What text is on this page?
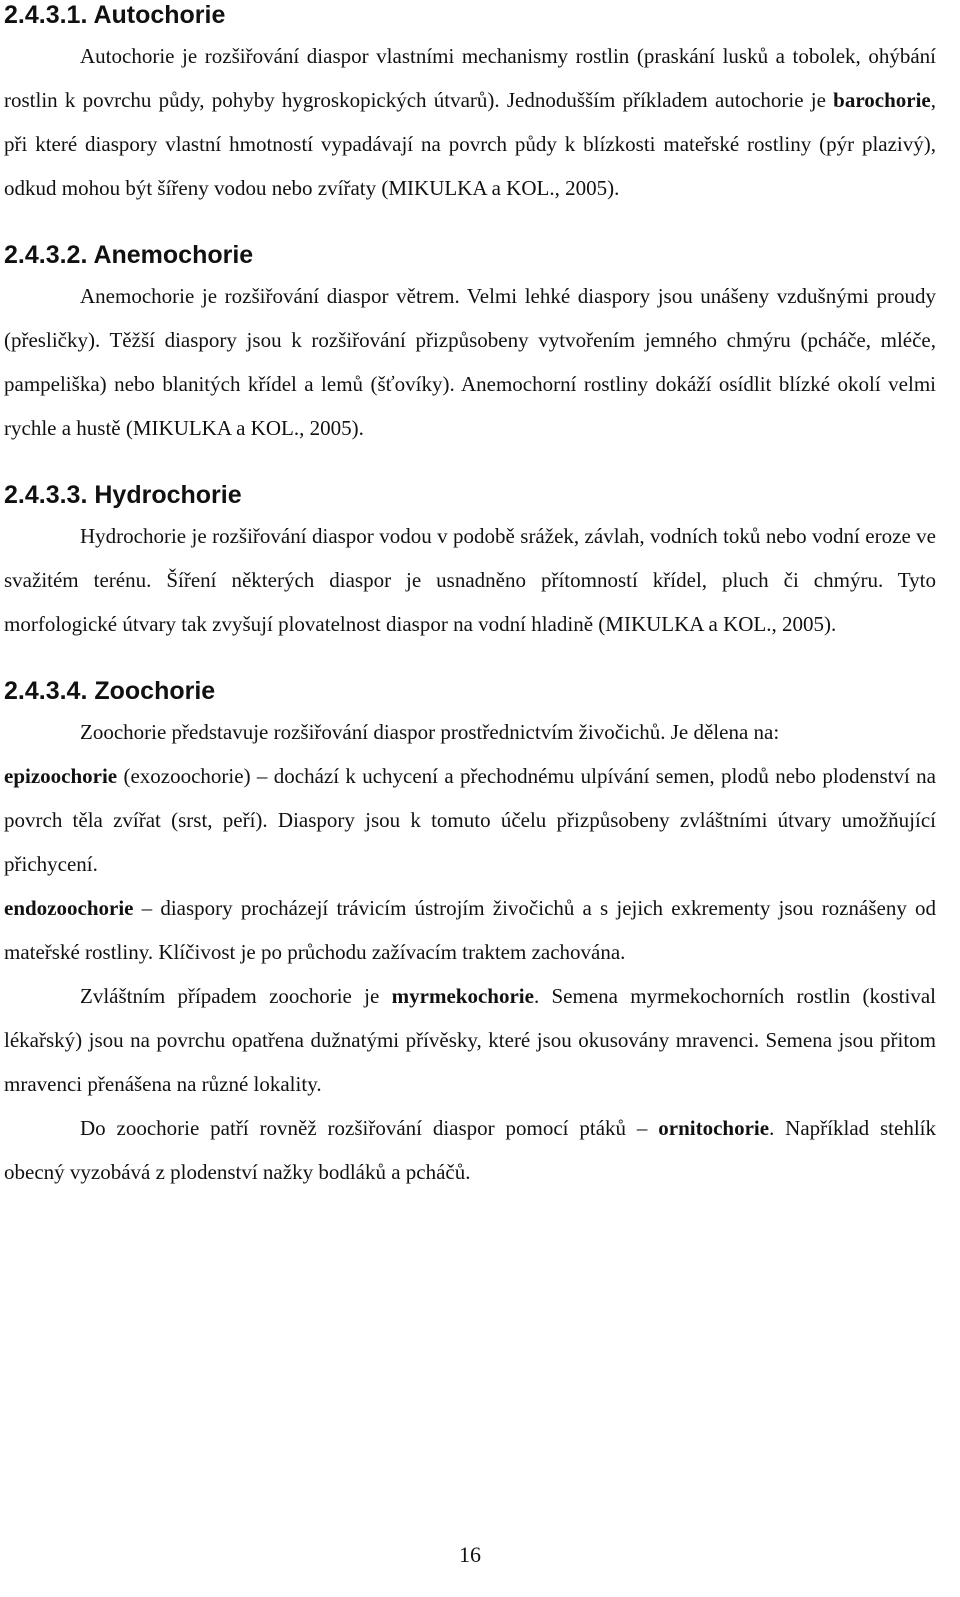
2.4.3.1. Autochorie

Autochorie je rozšiřování diaspor vlastními mechanismy rostlin (praskání lusků a tobolek, ohýbání rostlin k povrchu půdy, pohyby hygroskopických útvarů). Jednodušším příkladem autochorie je barochorie, při které diaspory vlastní hmotností vypadávají na povrch půdy k blízkosti mateřské rostliny (pýr plazivý), odkud mohou být šířeny vodou nebo zvířaty (MIKULKA a KOL., 2005).

2.4.3.2. Anemochorie

Anemochorie je rozšiřování diaspor větrem. Velmi lehké diaspory jsou unášeny vzdušnými proudy (přesličky). Těžší diaspory jsou k rozšiřování přizpůsobeny vytvořením jemného chmýru (pcháče, mléče, pampeliška) nebo blanitých křídel a lemů (šťovíky). Anemochorní rostliny dokáží osídlit blízké okolí velmi rychle a hustě (MIKULKA a KOL., 2005).

2.4.3.3. Hydrochorie

Hydrochorie je rozšiřování diaspor vodou v podobě srážek, závlah, vodních toků nebo vodní eroze ve svažitém terénu. Šíření některých diaspor je usnadněno přítomností křídel, pluch či chmýru. Tyto morfologické útvary tak zvyšují plovatelnost diaspor na vodní hladině (MIKULKA a KOL., 2005).

2.4.3.4. Zoochorie

Zoochorie představuje rozšiřování diaspor prostřednictvím živočichů. Je dělena na:

epizoochorie (exozoochorie) – dochází k uchycení a přechodnému ulpívání semen, plodů nebo plodenství na povrch těla zvířat (srst, peří). Diaspory jsou k tomuto účelu přizpůsobeny zvláštními útvary umožňující přichycení.

endozoochorie – diaspory procházejí trávicím ústrojím živočichů a s jejich exkrementy jsou roznášeny od mateřské rostliny. Klíčivost je po průchodu zažívacím traktem zachována.

Zvláštním případem zoochorie je myrmekochorie. Semena myrmekochorních rostlin (kostival lékařský) jsou na povrchu opatřena dužnatými přívěsky, které jsou okusovány mravenci. Semena jsou přitom mravenci přenášena na různé lokality.

Do zoochorie patří rovněž rozšiřování diaspor pomocí ptáků – ornitochorie. Například stehlík obecný vyzobává z plodenství nažky bodláků a pcháčů.

16
